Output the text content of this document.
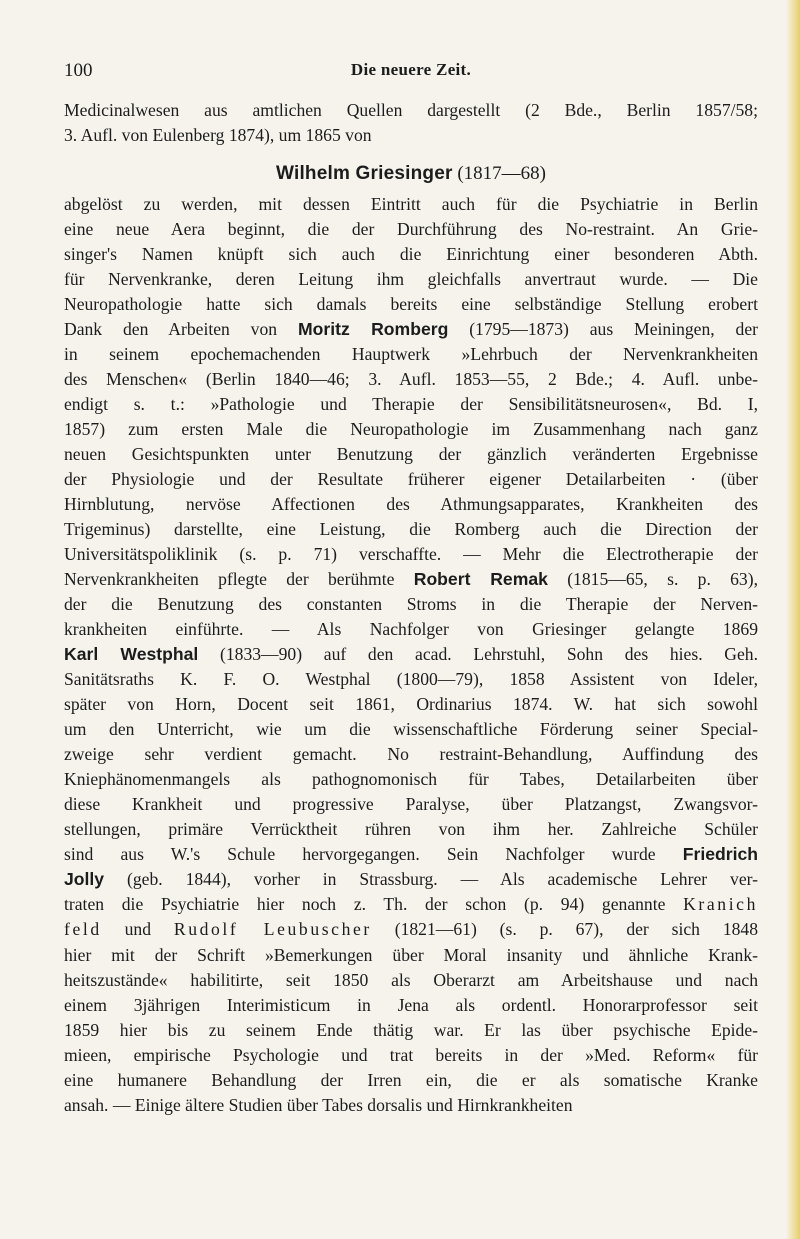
100	Die neuere Zeit.
Medicinalwesen aus amtlichen Quellen dargestellt (2 Bde., Berlin 1857/58;
3. Aufl. von Eulenberg 1874), um 1865 von
Wilhelm Griesinger (1817—68)
abgelöst zu werden, mit dessen Eintritt auch für die Psychiatrie in Berlin
eine neue Aera beginnt, die der Durchführung des No-restraint. An Grie-
singer's Namen knüpft sich auch die Einrichtung einer besonderen Abth.
für Nervenkranke, deren Leitung ihm gleichfalls anvertraut wurde. — Die
Neuropathologie hatte sich damals bereits eine selbständige Stellung erobert
Dank den Arbeiten von Moritz Romberg (1795—1873) aus Meiningen, der
in seinem epochemachenden Hauptwerk »Lehrbuch der Nervenkrankheiten
des Menschen« (Berlin 1840—46; 3. Aufl. 1853—55, 2 Bde.; 4. Aufl. unbe-
endigt s. t.: »Pathologie und Therapie der Sensibilitätsneurosen«, Bd. I,
1857) zum ersten Male die Neuropathologie im Zusammenhang nach ganz
neuen Gesichtspunkten unter Benutzung der gänzlich veränderten Ergebnisse
der Physiologie und der Resultate früherer eigener Detailarbeiten · (über
Hirnblutung, nervöse Affectionen des Athmungsapparates, Krankheiten des
Trigeminus) darstellte, eine Leistung, die Romberg auch die Direction der
Universitätspoliklinik (s. p. 71) verschaffte. — Mehr die Electrotherapie der
Nervenkrankheiten pflegte der berühmte Robert Remak (1815—65, s. p. 63),
der die Benutzung des constanten Stroms in die Therapie der Nerven-
krankheiten einführte. — Als Nachfolger von Griesinger gelangte 1869
Karl Westphal (1833—90) auf den acad. Lehrstuhl, Sohn des hies. Geh.
Sanitätsraths K. F. O. Westphal (1800—79), 1858 Assistent von Ideler,
später von Horn, Docent seit 1861, Ordinarius 1874. W. hat sich sowohl
um den Unterricht, wie um die wissenschaftliche Förderung seiner Special-
zweige sehr verdient gemacht. No restraint-Behandlung, Auffindung des
Kniephänomenmangels als pathognomonisch für Tabes, Detailarbeiten über
diese Krankheit und progressive Paralyse, über Platzangst, Zwangsvor-
stellungen, primäre Verrücktheit rühren von ihm her. Zahlreiche Schüler
sind aus W.'s Schule hervorgegangen. Sein Nachfolger wurde Friedrich
Jolly (geb. 1844), vorher in Strassburg. — Als academische Lehrer ver-
traten die Psychiatrie hier noch z. Th. der schon (p. 94) genannte Kranich
feld und Rudolf Leubuscher (1821—61) (s. p. 67), der sich 1848
hier mit der Schrift »Bemerkungen über Moral insanity und ähnliche Krank-
heitszustände« habilitirte, seit 1850 als Oberarzt am Arbeitshause und nach
einem 3jährigen Interimisticum in Jena als ordentl. Honorarprofessor seit
1859 hier bis zu seinem Ende thätig war. Er las über psychische Epide-
mieen, empirische Psychologie und trat bereits in der »Med. Reform« für
eine humanere Behandlung der Irren ein, die er als somatische Kranke
ansah. — Einige ältere Studien über Tabes dorsalis und Hirnkrankheiten
